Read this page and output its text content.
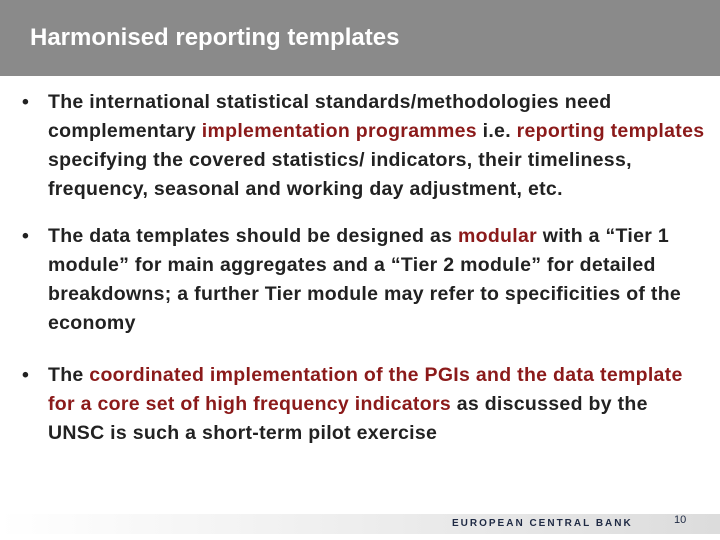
Harmonised reporting templates
• The international statistical standards/methodologies need complementary implementation programmes i.e. reporting templates specifying the covered statistics/ indicators, their timeliness, frequency, seasonal and working day adjustment, etc.
• The data templates should be designed as modular with a “Tier 1 module” for main aggregates and a “Tier 2 module” for detailed breakdowns; a further Tier module may refer to specificities of the economy
• The coordinated implementation of the PGIs and the data template for a core set of high frequency indicators as discussed by the UNSC is such a short-term pilot exercise
EUROPEAN CENTRAL BANK	10
